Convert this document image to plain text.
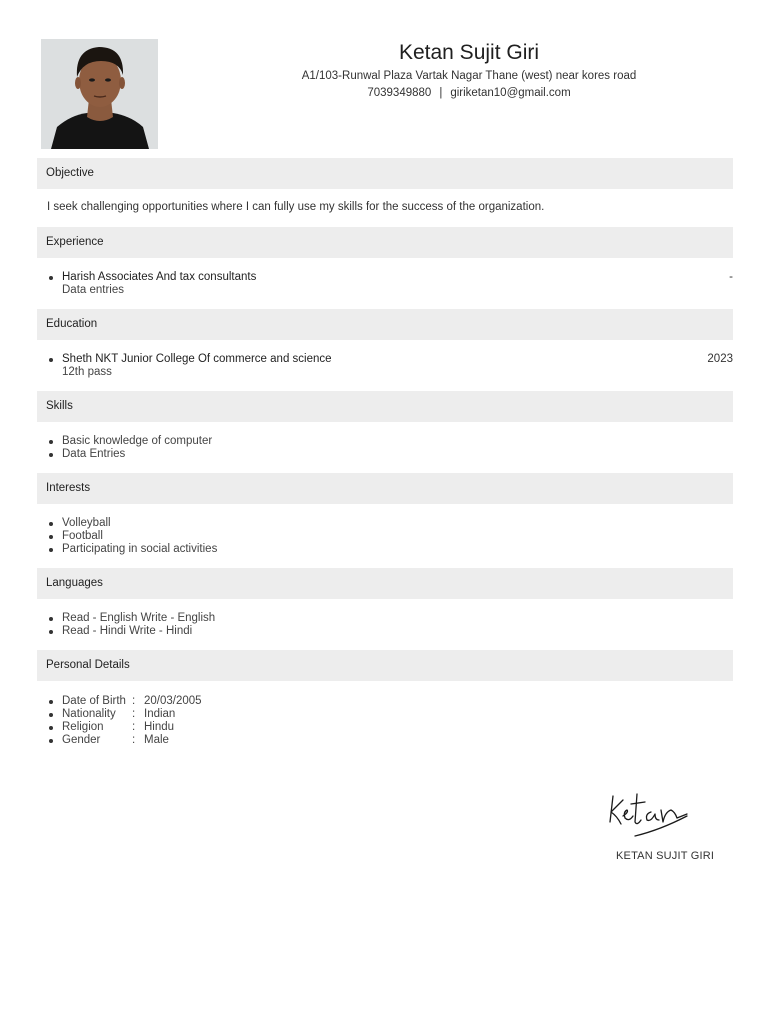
Ketan Sujit Giri
A1/103-Runwal Plaza Vartak Nagar Thane (west) near kores road
7039349880 | giriketan10@gmail.com
Objective
I seek challenging opportunities where I can fully use my skills for the success of the organization.
Experience
Harish Associates And tax consultants	-
Data entries
Education
Sheth NKT Junior College Of commerce and science	2023
12th pass
Skills
Basic knowledge of computer
Data Entries
Interests
Volleyball
Football
Participating in social activities
Languages
Read - English Write - English
Read - Hindi Write - Hindi
Personal Details
Date of Birth : 20/03/2005
Nationality : Indian
Religion : Hindu
Gender	: Male
KETAN SUJIT GIRI
